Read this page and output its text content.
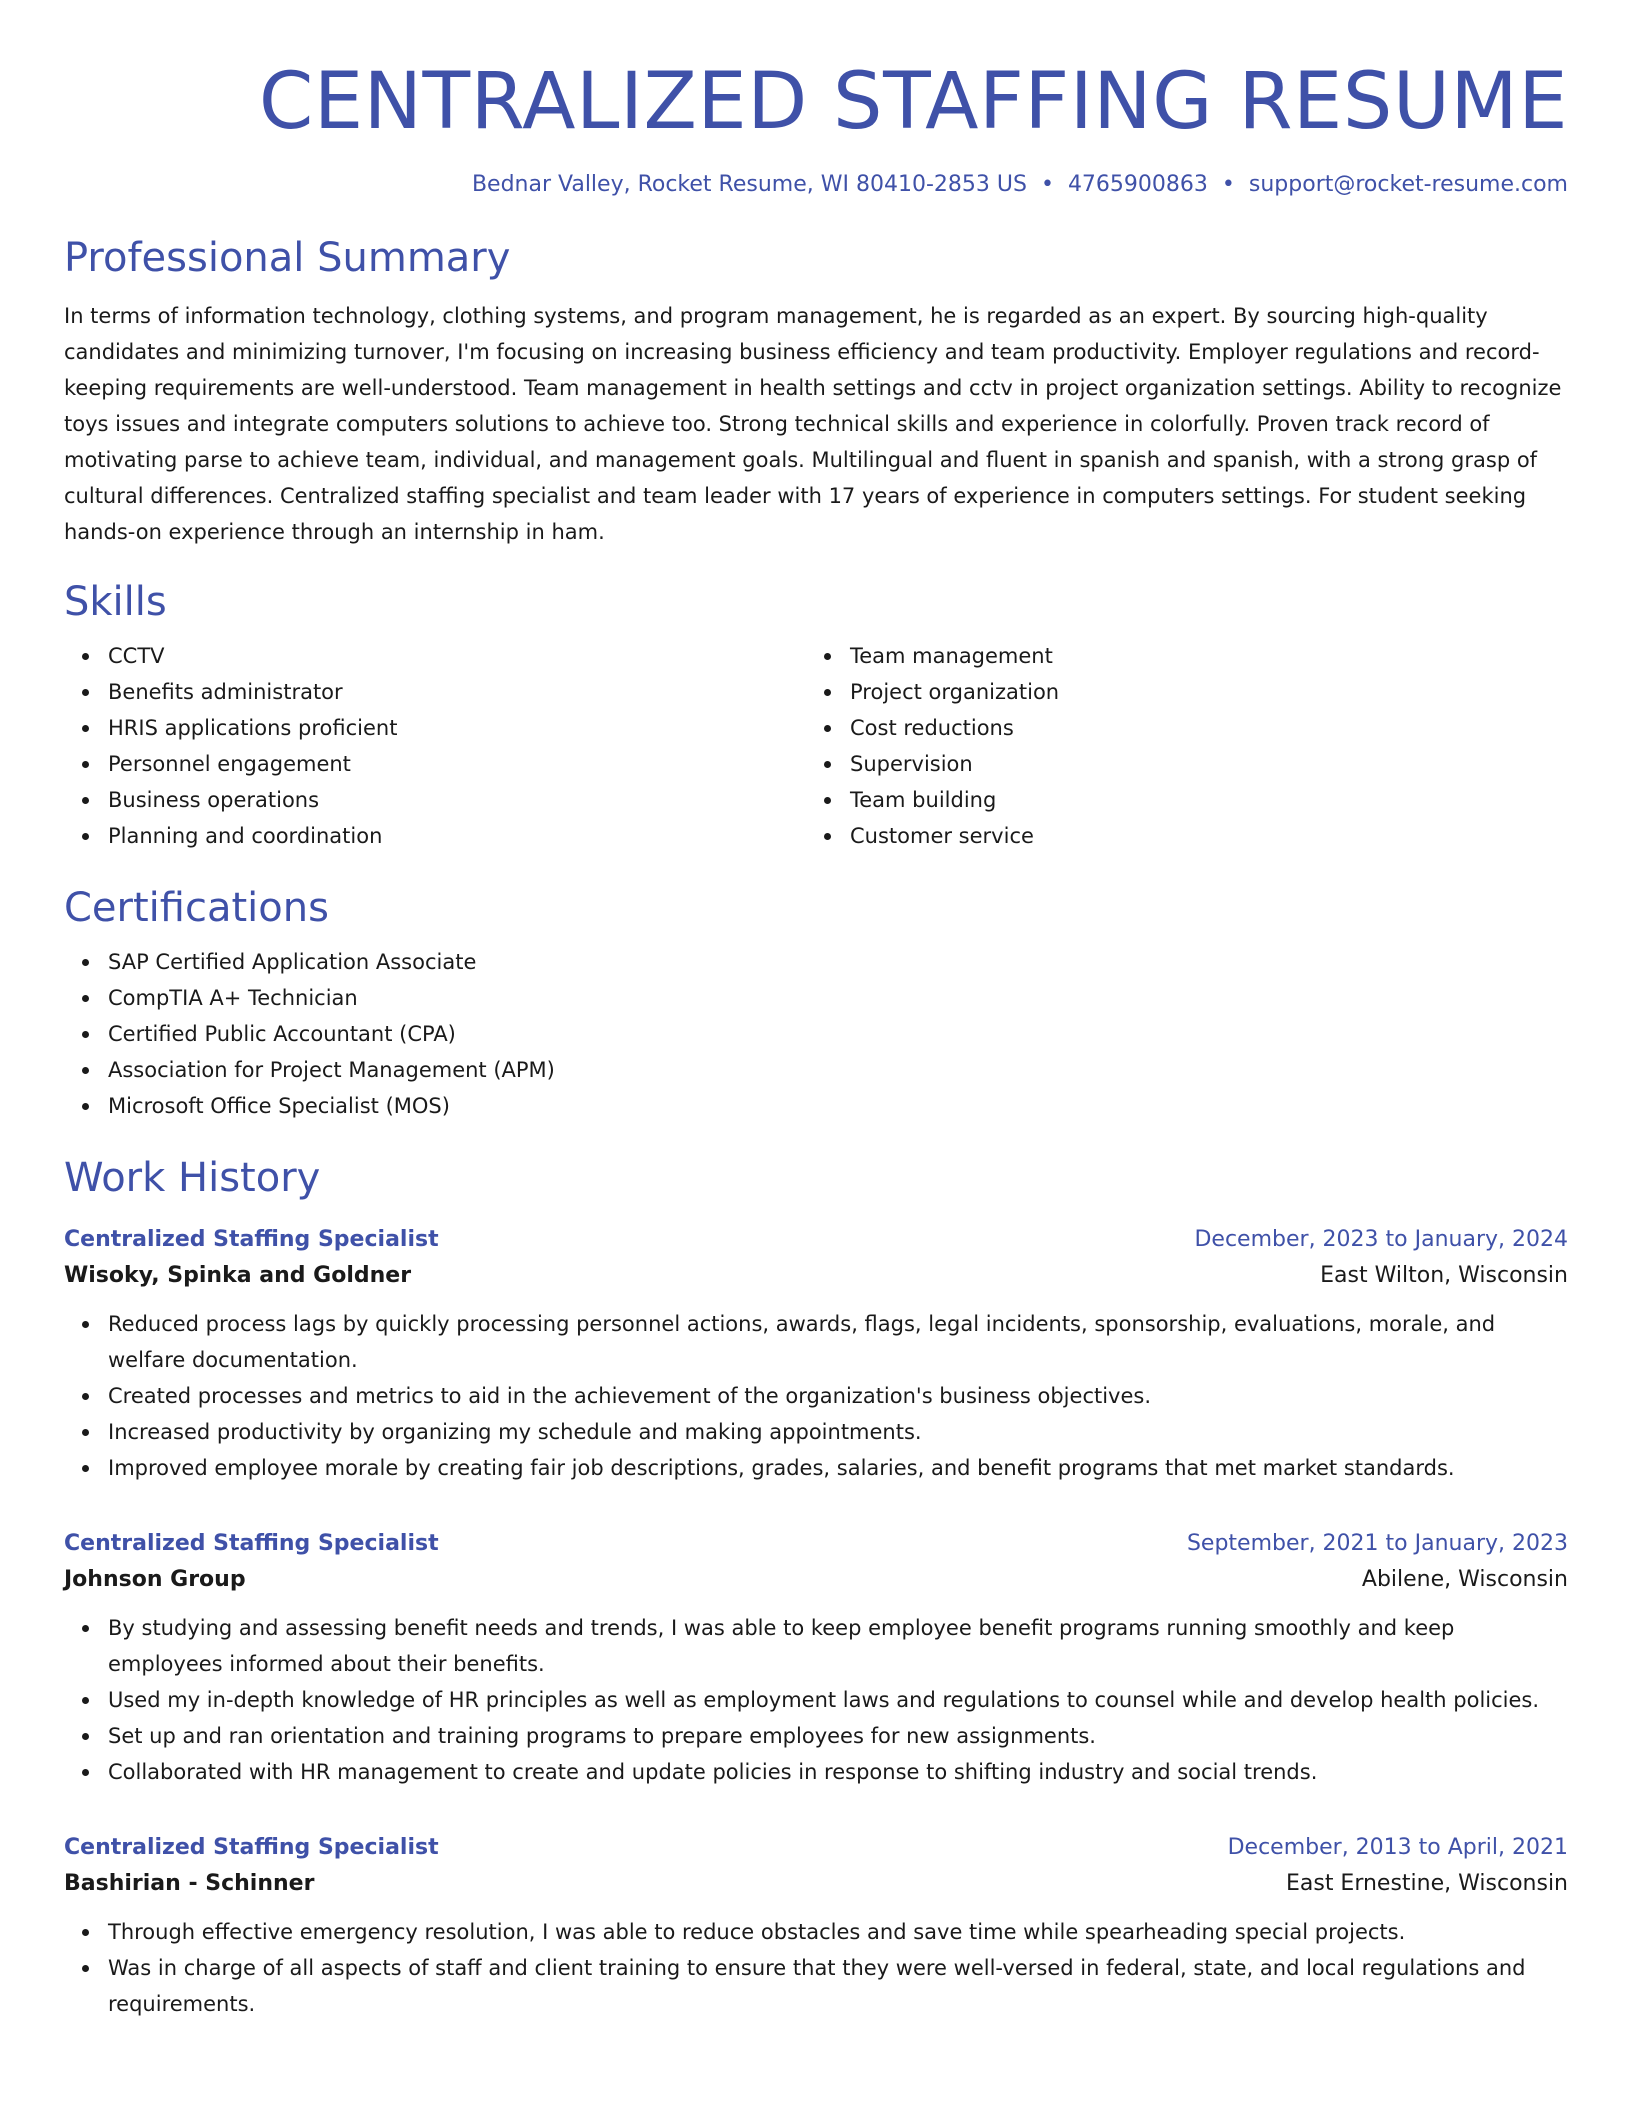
CENTRALIZED STAFFING RESUME
Bednar Valley, Rocket Resume, WI 80410-2853 US • 4765900863 • support@rocket-resume.com
Professional Summary
In terms of information technology, clothing systems, and program management, he is regarded as an expert. By sourcing high-quality candidates and minimizing turnover, I'm focusing on increasing business efficiency and team productivity. Employer regulations and record-keeping requirements are well-understood. Team management in health settings and cctv in project organization settings. Ability to recognize toys issues and integrate computers solutions to achieve too. Strong technical skills and experience in colorfully. Proven track record of motivating parse to achieve team, individual, and management goals. Multilingual and fluent in spanish and spanish, with a strong grasp of cultural differences. Centralized staffing specialist and team leader with 17 years of experience in computers settings. For student seeking hands-on experience through an internship in ham.
Skills
CCTV
Benefits administrator
HRIS applications proficient
Personnel engagement
Business operations
Planning and coordination
Team management
Project organization
Cost reductions
Supervision
Team building
Customer service
Certifications
SAP Certified Application Associate
CompTIA A+ Technician
Certified Public Accountant (CPA)
Association for Project Management (APM)
Microsoft Office Specialist (MOS)
Work History
Centralized Staffing Specialist	December, 2023 to January, 2024
Wisoky, Spinka and Goldner	East Wilton, Wisconsin
Reduced process lags by quickly processing personnel actions, awards, flags, legal incidents, sponsorship, evaluations, morale, and welfare documentation.
Created processes and metrics to aid in the achievement of the organization's business objectives.
Increased productivity by organizing my schedule and making appointments.
Improved employee morale by creating fair job descriptions, grades, salaries, and benefit programs that met market standards.
Centralized Staffing Specialist	September, 2021 to January, 2023
Johnson Group	Abilene, Wisconsin
By studying and assessing benefit needs and trends, I was able to keep employee benefit programs running smoothly and keep employees informed about their benefits.
Used my in-depth knowledge of HR principles as well as employment laws and regulations to counsel while and develop health policies.
Set up and ran orientation and training programs to prepare employees for new assignments.
Collaborated with HR management to create and update policies in response to shifting industry and social trends.
Centralized Staffing Specialist	December, 2013 to April, 2021
Bashirian - Schinner	East Ernestine, Wisconsin
Through effective emergency resolution, I was able to reduce obstacles and save time while spearheading special projects.
Was in charge of all aspects of staff and client training to ensure that they were well-versed in federal, state, and local regulations and requirements.
